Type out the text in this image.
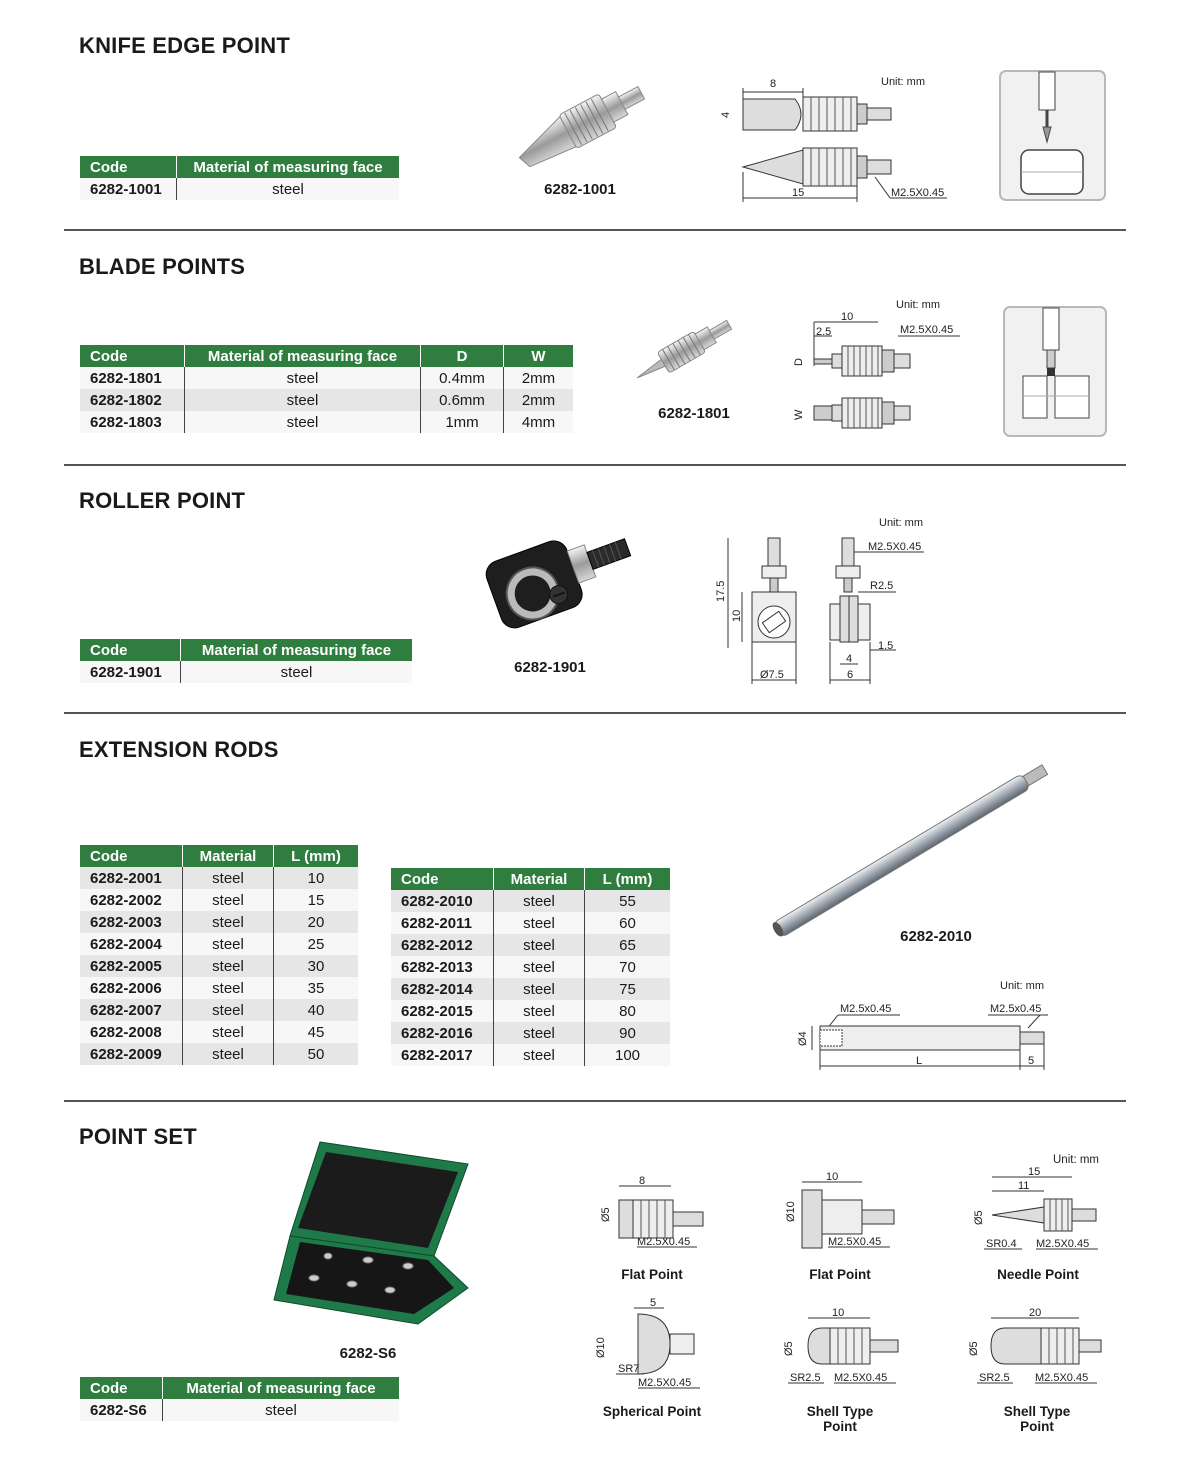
KNIFE EDGE POINT
Code	Material of measuring face
6282-1001	steel	6282-1001
Unit: mm
8
4
15	M2.5X0.45
BLADE POINTS
Code	Material of measuring face	D	W
6282-1801	steel	0.4mm	2mm
6282-1802	steel	0.6mm	2mm
6282-1803	steel	1mm	4mm	6282-1801
Unit: mm
10
2.5	M2.5X0.45
D
W
ROLLER POINT
Code	Material of measuring face
6282-1901	steel	6282-1901
Unit: mm
17.5
10
Ø7.5
M2.5X0.45
R2.5
1.5
4
6
EXTENSION RODS
Code	Material	L (mm)
6282-2001	steel	10
6282-2002	steel	15
6282-2003	steel	20
6282-2004	steel	25
6282-2005	steel	30
6282-2006	steel	35
6282-2007	steel	40
6282-2008	steel	45
6282-2009	steel	50
Code	Material	L (mm)
6282-2010	steel	55
6282-2011	steel	60
6282-2012	steel	65
6282-2013	steel	70
6282-2014	steel	75
6282-2015	steel	80
6282-2016	steel	90
6282-2017	steel	100
6282-2010
Unit: mm
M2.5x0.45	M2.5x0.45
Ø4
L	5
POINT SET
6282-S6
Code	Material of measuring face
6282-S6	steel
Unit: mm
8
Ø5
M2.5X0.45
Flat Point
10
Ø10
M2.5X0.45
Flat Point
15
11
Ø5
SR0.4 M2.5X0.45
Needle Point
5
Ø10
SR7
M2.5X0.45
Spherical Point
10
Ø5
SR2.5 M2.5X0.45
Shell Type Point
20
Ø5
SR2.5 M2.5X0.45
Shell Type Point
